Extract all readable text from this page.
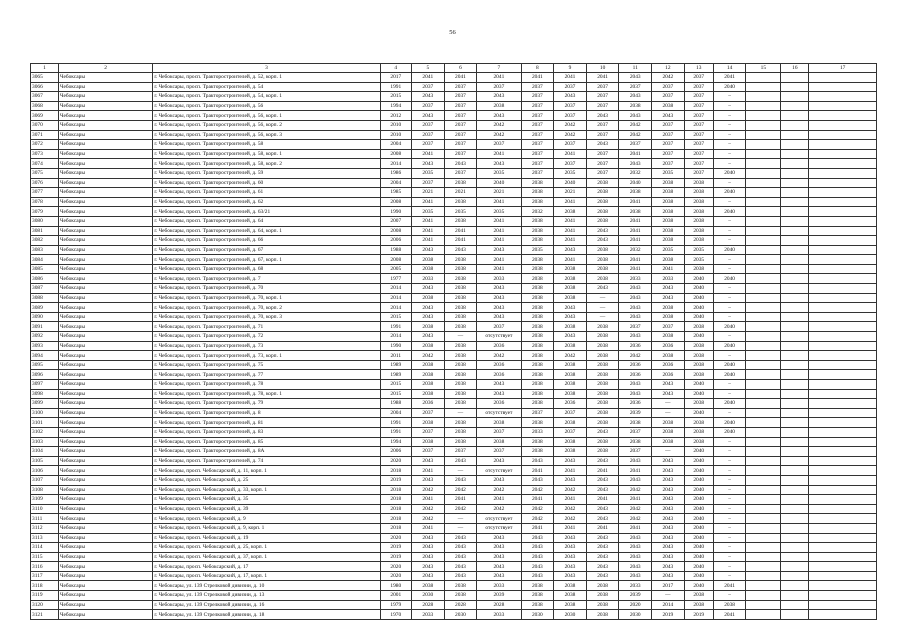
56
1	2	3	4	5	6	7	8	9	10	11	12	13	14	15	16	17
3065	Чебоксары	г. Чебоксары, просп. Тракторостроителей, д. 52, корп. 1	2017	2041	2041	2041	2041	2041	2041	2043	2042	2037	2041			
3066	Чебоксары	г. Чебоксары, просп. Тракторостроителей, д. 54	1991	2037	2037	2037	2037	2037	2037	2037	2037	2037	2040			
3067	Чебоксары	г. Чебоксары, просп. Тракторостроителей, д. 54, корп. 1	2015	2043	2037	2043	2037	2043	2037	2043	2037	2037	–			
3068	Чебоксары	г. Чебоксары, просп. Тракторостроителей, д. 56	1994	2037	2037	2038	2037	2037	2037	2038	2038	2037	–			
3069	Чебоксары	г. Чебоксары, просп. Тракторостроителей, д. 56, корп. 1	2012	2043	2037	2043	2037	2037	2043	2043	2043	2037	–			
3070	Чебоксары	г. Чебоксары, просп. Тракторостроителей, д. 56, корп. 2	2010	2037	2037	2042	2037	2042	2037	2042	2037	2037	–			
3071	Чебоксары	г. Чебоксары, просп. Тракторостроителей, д. 56, корп. 3	2010	2037	2037	2042	2037	2042	2037	2042	2037	2037	–			
3072	Чебоксары	г. Чебоксары, просп. Тракторостроителей, д. 58	2004	2037	2037	2037	2037	2037	2043	2037	2037	2037	–			
3073	Чебоксары	г. Чебоксары, просп. Тракторостроителей, д. 58, корп. 1	2008	2041	2037	2041	2037	2041	2037	2041	2037	2037	–			
3074	Чебоксары	г. Чебоксары, просп. Тракторостроителей, д. 58, корп. 2	2014	2043	2043	2043	2037	2037	2037	2043	2037	2037	–			
3075	Чебоксары	г. Чебоксары, просп. Тракторостроителей, д. 59	1986	2035	2037	2035	2037	2035	2037	2032	2035	2037	2040			
3076	Чебоксары	г. Чебоксары, просп. Тракторостроителей, д. 60	2004	2037	2038	2040	2038	2040	2038	2040	2038	2038	–			
3077	Чебоксары	г. Чебоксары, просп. Тракторостроителей, д. 61	1985	2021	2021	2021	2038	2021	2038	2038	2038	2038	2040			
3078	Чебоксары	г. Чебоксары, просп. Тракторостроителей, д. 62	2008	2041	2038	2041	2038	2041	2038	2041	2038	2038	–			
3079	Чебоксары	г. Чебоксары, просп. Тракторостроителей, д. 63/21	1990	2035	2035	2035	2032	2038	2038	2038	2038	2038	2040			
3080	Чебоксары	г. Чебоксары, просп. Тракторостроителей, д. 64	2007	2041	2038	2041	2038	2041	2038	2041	2038	2038	–			
3081	Чебоксары	г. Чебоксары, просп. Тракторостроителей, д. 64, корп. 1	2008	2041	2041	2041	2038	2041	2043	2041	2038	2038	–			
3082	Чебоксары	г. Чебоксары, просп. Тракторостроителей, д. 66	2006	2041	2041	2041	2038	2041	2043	2041	2038	2038	–			
3083	Чебоксары	г. Чебоксары, просп. Тракторостроителей, д. 67	1988	2043	2043	2043	2035	2043	2038	2032	2035	2035	2040			
3084	Чебоксары	г. Чебоксары, просп. Тракторостроителей, д. 67, корп. 1	2008	2038	2038	2041	2038	2041	2038	2041	2038	2035	–			
3085	Чебоксары	г. Чебоксары, просп. Тракторостроителей, д. 68	2005	2038	2038	2041	2038	2038	2038	2041	2041	2038	–			
3086	Чебоксары	г. Чебоксары, просп. Тракторостроителей, д. 7	1977	2033	2038	2033	2038	2038	2038	2033	2033	2040	2040			
3087	Чебоксары	г. Чебоксары, просп. Тракторостроителей, д. 70	2014	2043	2038	2043	2038	2038	2043	2043	2043	2040	–			
3088	Чебоксары	г. Чебоксары, просп. Тракторостроителей, д. 70, корп. 1	2014	2038	2038	2043	2038	2038	—	2043	2043	2040	–			
3089	Чебоксары	г. Чебоксары, просп. Тракторостроителей, д. 70, корп. 2	2014	2043	2038	2043	2038	2043	—	2043	2038	2040	–			
3090	Чебоксары	г. Чебоксары, просп. Тракторостроителей, д. 70, корп. 3	2015	2043	2038	2043	2038	2043	—	2043	2038	2040	–			
3091	Чебоксары	г. Чебоксары, просп. Тракторостроителей, д. 71	1991	2038	2038	2037	2038	2038	2038	2037	2037	2038	2040			
3092	Чебоксары	г. Чебоксары, просп. Тракторостроителей, д. 72	2014	2043	—	отсутствует	2038	2043	2038	2043	2038	2040	–			
3093	Чебоксары	г. Чебоксары, просп. Тракторостроителей, д. 73	1990	2038	2038	2036	2038	2038	2038	2036	2036	2038	2040			
3094	Чебоксары	г. Чебоксары, просп. Тракторостроителей, д. 73, корп. 1	2011	2042	2038	2042	2038	2042	2038	2042	2038	2038	–			
3095	Чебоксары	г. Чебоксары, просп. Тракторостроителей, д. 75	1989	2038	2038	2036	2038	2038	2038	2036	2036	2038	2040			
3096	Чебоксары	г. Чебоксары, просп. Тракторостроителей, д. 77	1989	2038	2038	2036	2038	2038	2038	2036	2036	2038	2040			
3097	Чебоксары	г. Чебоксары, просп. Тракторостроителей, д. 78	2015	2038	2038	2043	2038	2038	2038	2043	2043	2040	–			
3098	Чебоксары	г. Чебоксары, просп. Тракторостроителей, д. 78, корп. 1	2015	2038	2038	2043	2038	2038	2038	2043	2043	2040	–			
3099	Чебоксары	г. Чебоксары, просп. Тракторостроителей, д. 79	1988	2036	2038	2036	2038	2036	2038	2036	—	2038	2040			
3100	Чебоксары	г. Чебоксары, просп. Тракторостроителей, д. 8	2004	2037	—	отсутствует	2037	2037	2038	2039	—	2040	–			
3101	Чебоксары	г. Чебоксары, просп. Тракторостроителей, д. 81	1991	2038	2038	2038	2038	2038	2038	2038	2038	2038	2040			
3102	Чебоксары	г. Чебоксары, просп. Тракторостроителей, д. 83	1991	2037	2038	2037	2033	2037	2043	2037	2038	2038	2040			
3103	Чебоксары	г. Чебоксары, просп. Тракторостроителей, д. 85	1994	2038	2038	2038	2038	2038	2038	2038	2038	2038	–			
3104	Чебоксары	г. Чебоксары, просп. Тракторостроителей, д. 8А	2006	2037	2037	2037	2038	2038	2038	2037	—	2040	–			
3105	Чебоксары	г. Чебоксары, просп. Тракторостроителей, д. 74	2020	2043	2043	2043	2043	2043	2043	2043	2043	2040	–			
3106	Чебоксары	г. Чебоксары, просп. Чебоксарский, д. 11, корп. 1	2018	2041	—	отсутствует	2041	2041	2041	2041	2043	2040	–			
3107	Чебоксары	г. Чебоксары, просп. Чебоксарский, д. 25	2019	2043	2043	2043	2043	2043	2043	2043	2043	2040	–			
3108	Чебоксары	г. Чебоксары, просп. Чебоксарский, д. 33, корп. 1	2018	2042	2042	2042	2042	2042	2043	2042	2043	2040	–			
3109	Чебоксары	г. Чебоксары, просп. Чебоксарский, д. 35	2018	2041	2041	2041	2041	2041	2041	2041	2043	2040	–			
3110	Чебоксары	г. Чебоксары, просп. Чебоксарский, д. 39	2018	2042	2042	2042	2042	2042	2043	2042	2043	2040	–			
3111	Чебоксары	г. Чебоксары, просп. Чебоксарский, д. 9	2018	2042	—	отсутствует	2042	2042	2043	2042	2043	2040	–			
3112	Чебоксары	г. Чебоксары, просп. Чебоксарский, д. 9, корп. 1	2018	2041	—	отсутствует	2041	2041	2041	2041	2043	2040	–			
3113	Чебоксары	г. Чебоксары, просп. Чебоксарский, д. 19	2020	2043	2043	2043	2043	2043	2043	2043	2043	2040	–			
3114	Чебоксары	г. Чебоксары, просп. Чебоксарский, д. 25, корп. 1	2019	2043	2043	2043	2043	2043	2043	2043	2043	2040	–			
3115	Чебоксары	г. Чебоксары, просп. Чебоксарский, д. 37, корп. 1	2019	2043	2043	2043	2043	2043	2043	2043	2043	2040	–			
3116	Чебоксары	г. Чебоксары, просп. Чебоксарский, д. 17	2020	2043	2043	2043	2043	2043	2043	2043	2043	2040	–			
3117	Чебоксары	г. Чебоксары, просп. Чебоксарский, д. 17, корп. 1	2020	2043	2043	2043	2043	2043	2043	2043	2043	2040	–			
3118	Чебоксары	г. Чебоксары, ул. 139 Стрелковой дивизии, д. 10	1980	2038	2038	2033	2038	2038	2038	2033	2017	2040	2041			
3119	Чебоксары	г. Чебоксары, ул. 139 Стрелковой дивизии, д. 13	2001	2030	2038	2039	2038	2038	2038	2039	—	2038	–			
3120	Чебоксары	г. Чебоксары, ул. 139 Стрелковой дивизии, д. 16	1979	2028	2028	2028	2038	2038	2038	2020	2014	2038	2038			
3121	Чебоксары	г. Чебоксары, ул. 139 Стрелковой дивизии, д. 18	1970	2033	2030	2033	2030	2030	2038	2030	2019	2019	2041			
